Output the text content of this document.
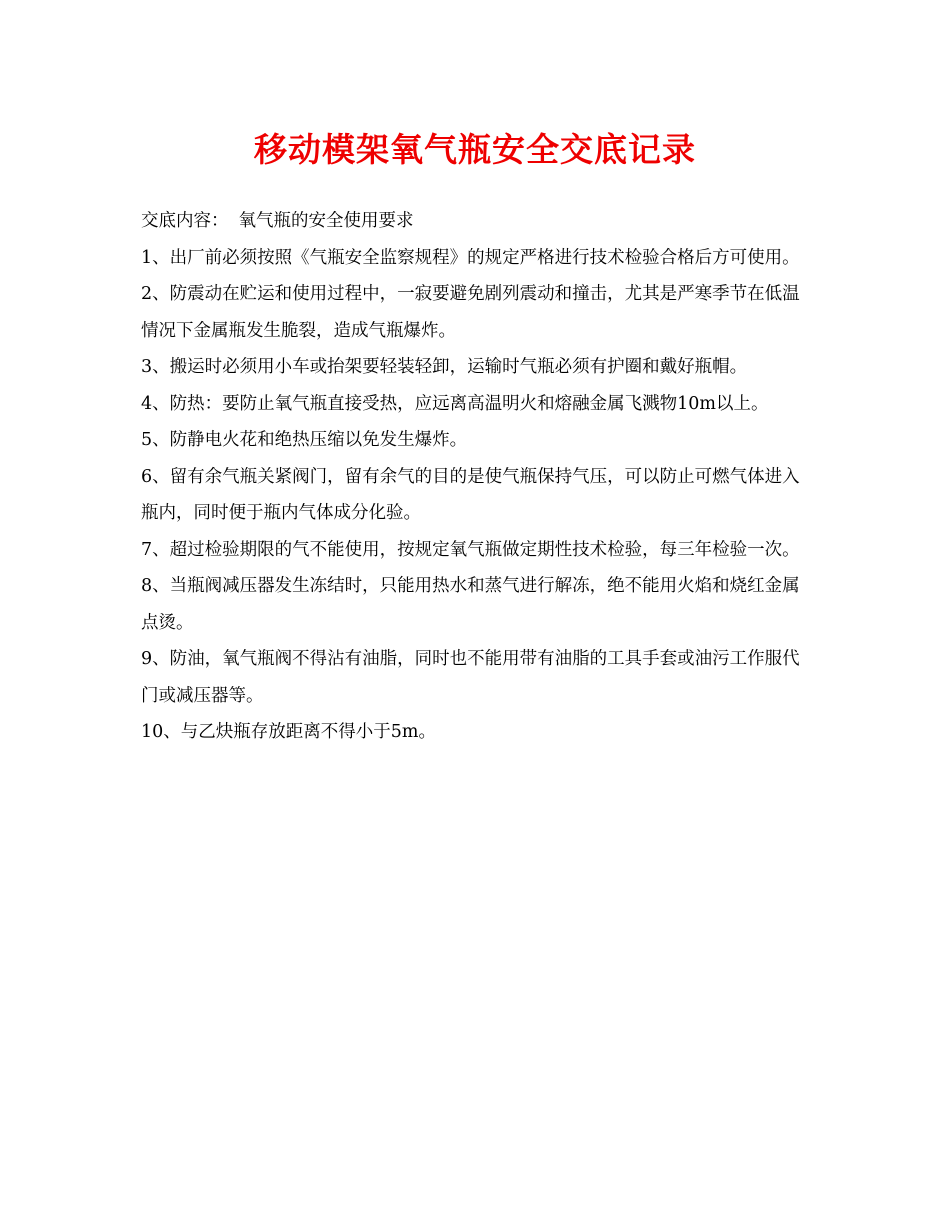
移动模架氧气瓶安全交底记录

交底内容： 氧气瓶的安全使用要求

1、出厂前必须按照《气瓶安全监察规程》的规定严格进行技术检验合格后方可使用。

2、防震动在贮运和使用过程中，一寂要避免剧列震动和撞击，尤其是严寒季节在低温情况下金属瓶发生脆裂，造成气瓶爆炸。

3、搬运时必须用小车或抬架要轻装轻卸，运输时气瓶必须有护圈和戴好瓶帽。

4、防热：要防止氧气瓶直接受热，应远离高温明火和熔融金属飞溅物10m以上。

5、防静电火花和绝热压缩以免发生爆炸。

6、留有余气瓶关紧阀门，留有余气的目的是使气瓶保持气压，可以防止可燃气体进入瓶内，同时便于瓶内气体成分化验。

7、超过检验期限的气不能使用，按规定氧气瓶做定期性技术检验，每三年检验一次。

8、当瓶阀减压器发生冻结时，只能用热水和蒸气进行解冻，绝不能用火焰和烧红金属点烫。

9、防油，氧气瓶阀不得沾有油脂，同时也不能用带有油脂的工具手套或油污工作服代门或减压器等。

10、与乙炔瓶存放距离不得小于5m。
